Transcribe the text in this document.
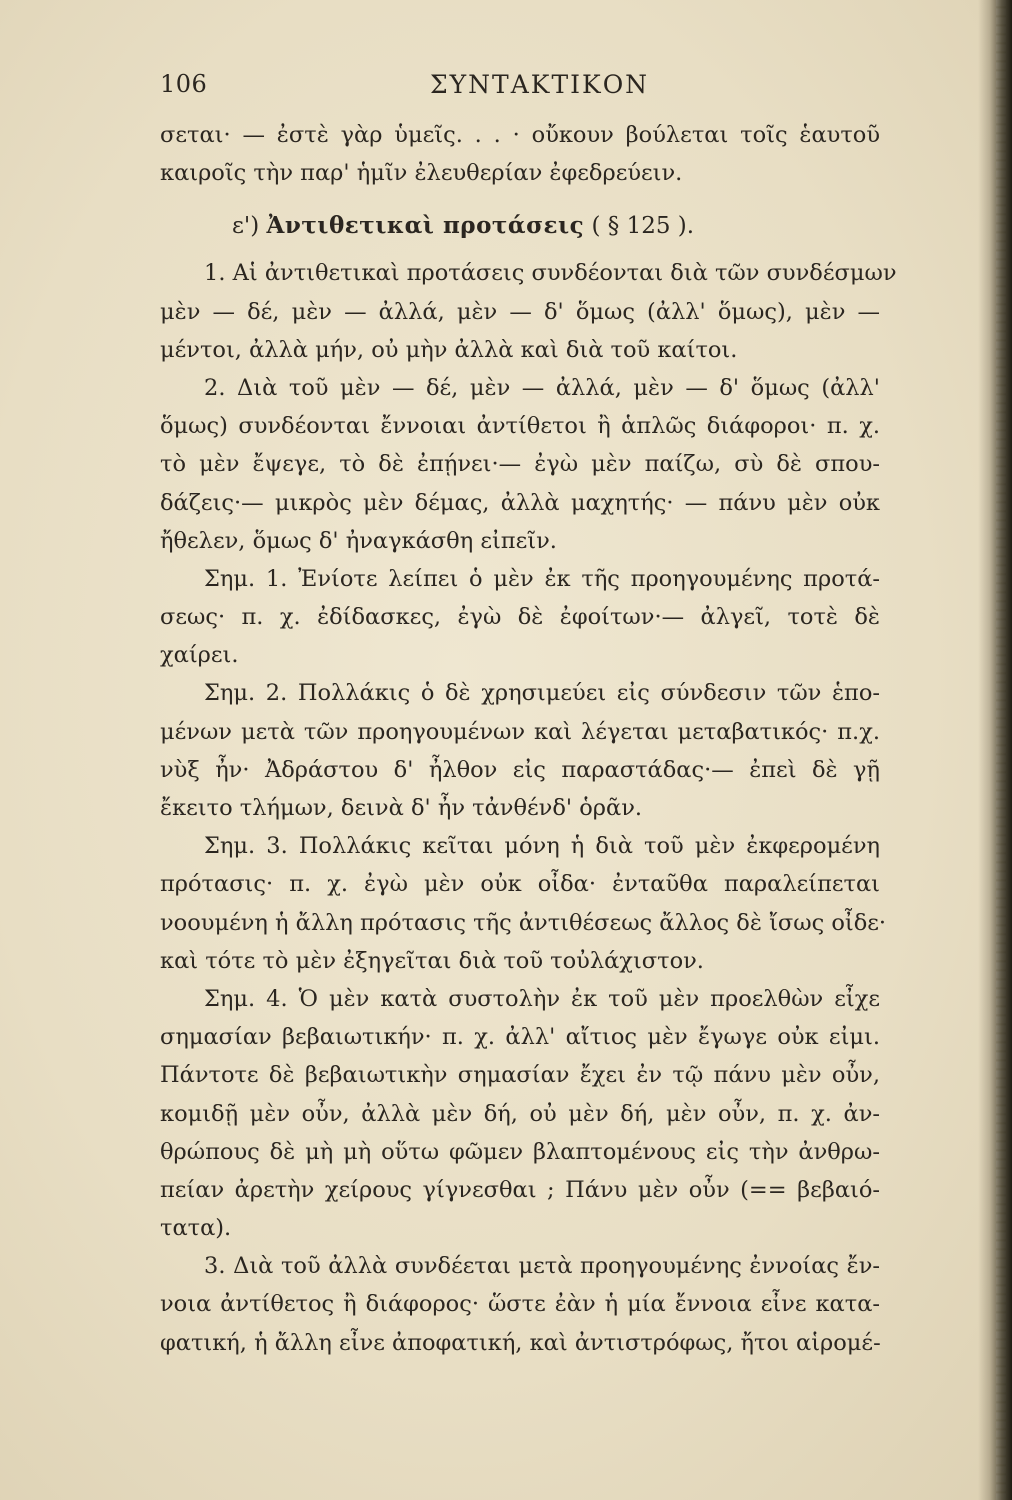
106	ΣΥΝΤΑΚΤΙΚΟΝ
σεται· — ἐστὲ γὰρ ὑμεῖς. . . · οὔκουν βούλεται τοῖς ἑαυτοῦ
καιροῖς τὴν παρ' ἡμῖν ἐλευθερίαν ἐφεδρεύειν.
ε') Ἀντιθετικαὶ προτάσεις ( § 125 ).
1. Αἱ ἀντιθετικαὶ προτάσεις συνδέονται διὰ τῶν συνδέσμων
μὲν — δέ, μὲν — ἀλλά, μὲν — δ' ὅμως (ἀλλ' ὅμως), μὲν —
μέντοι, ἀλλὰ μήν, οὐ μὴν ἀλλὰ καὶ διὰ τοῦ καίτοι.
2. Διὰ τοῦ μὲν — δέ, μὲν — ἀλλά, μὲν — δ' ὅμως (ἀλλ'
ὅμως) συνδέονται ἔννοιαι ἀντίθετοι ἢ ἁπλῶς διάφοροι· π. χ.
τὸ μὲν ἔψεγε, τὸ δὲ ἐπῄνει·— ἐγὼ μὲν παίζω, σὺ δὲ σπου-
δάζεις·— μικρὸς μὲν δέμας, ἀλλὰ μαχητής· — πάνυ μὲν οὐκ
ἤθελεν, ὅμως δ' ἠναγκάσθη εἰπεῖν.
Σημ. 1. Ἐνίοτε λείπει ὁ μὲν ἐκ τῆς προηγουμένης προτά-
σεως· π. χ. ἐδίδασκες, ἐγὼ δὲ ἐφοίτων·— ἀλγεῖ, τοτὲ δὲ
χαίρει.
Σημ. 2. Πολλάκις ὁ δὲ χρησιμεύει εἰς σύνδεσιν τῶν ἑπο-
μένων μετὰ τῶν προηγουμένων καὶ λέγεται μεταβατικός· π.χ.
νὺξ ἦν· Ἀδράστου δ' ἦλθον εἰς παραστάδας·— ἐπεὶ δὲ γῇ
ἔκειτο τλήμων, δεινὰ δ' ἦν τἀνθένδ' ὁρᾶν.
Σημ. 3. Πολλάκις κεῖται μόνη ἡ διὰ τοῦ μὲν ἐκφερομένη
πρότασις· π. χ. ἐγὼ μὲν οὐκ οἶδα· ἐνταῦθα παραλείπεται
νοουμένη ἡ ἄλλη πρότασις τῆς ἀντιθέσεως ἄλλος δὲ ἴσως οἶδε·
καὶ τότε τὸ μὲν ἐξηγεῖται διὰ τοῦ τοὐλάχιστον.
Σημ. 4. Ὁ μὲν κατὰ συστολὴν ἐκ τοῦ μὲν προελθὼν εἶχε
σημασίαν βεβαιωτικήν· π. χ. ἀλλ' αἴτιος μὲν ἔγωγε οὐκ εἰμι.
Πάντοτε δὲ βεβαιωτικὴν σημασίαν ἔχει ἐν τῷ πάνυ μὲν οὖν,
κομιδῇ μὲν οὖν, ἀλλὰ μὲν δή, οὐ μὲν δή, μὲν οὖν, π. χ. ἀν-
θρώπους δὲ μὴ μὴ οὕτω φῶμεν βλαπτομένους εἰς τὴν ἀνθρω-
πείαν ἀρετὴν χείρους γίγνεσθαι ; Πάνυ μὲν οὖν (== βεβαιό-
τατα).
3. Διὰ τοῦ ἀλλὰ συνδέεται μετὰ προηγουμένης ἐννοίας ἔν-
νοια ἀντίθετος ἢ διάφορος· ὥστε ἐὰν ἡ μία ἔννοια εἶνε κατα-
φατική, ἡ ἄλλη εἶνε ἀποφατική, καὶ ἀντιστρόφως, ἤτοι αἱρομέ-
